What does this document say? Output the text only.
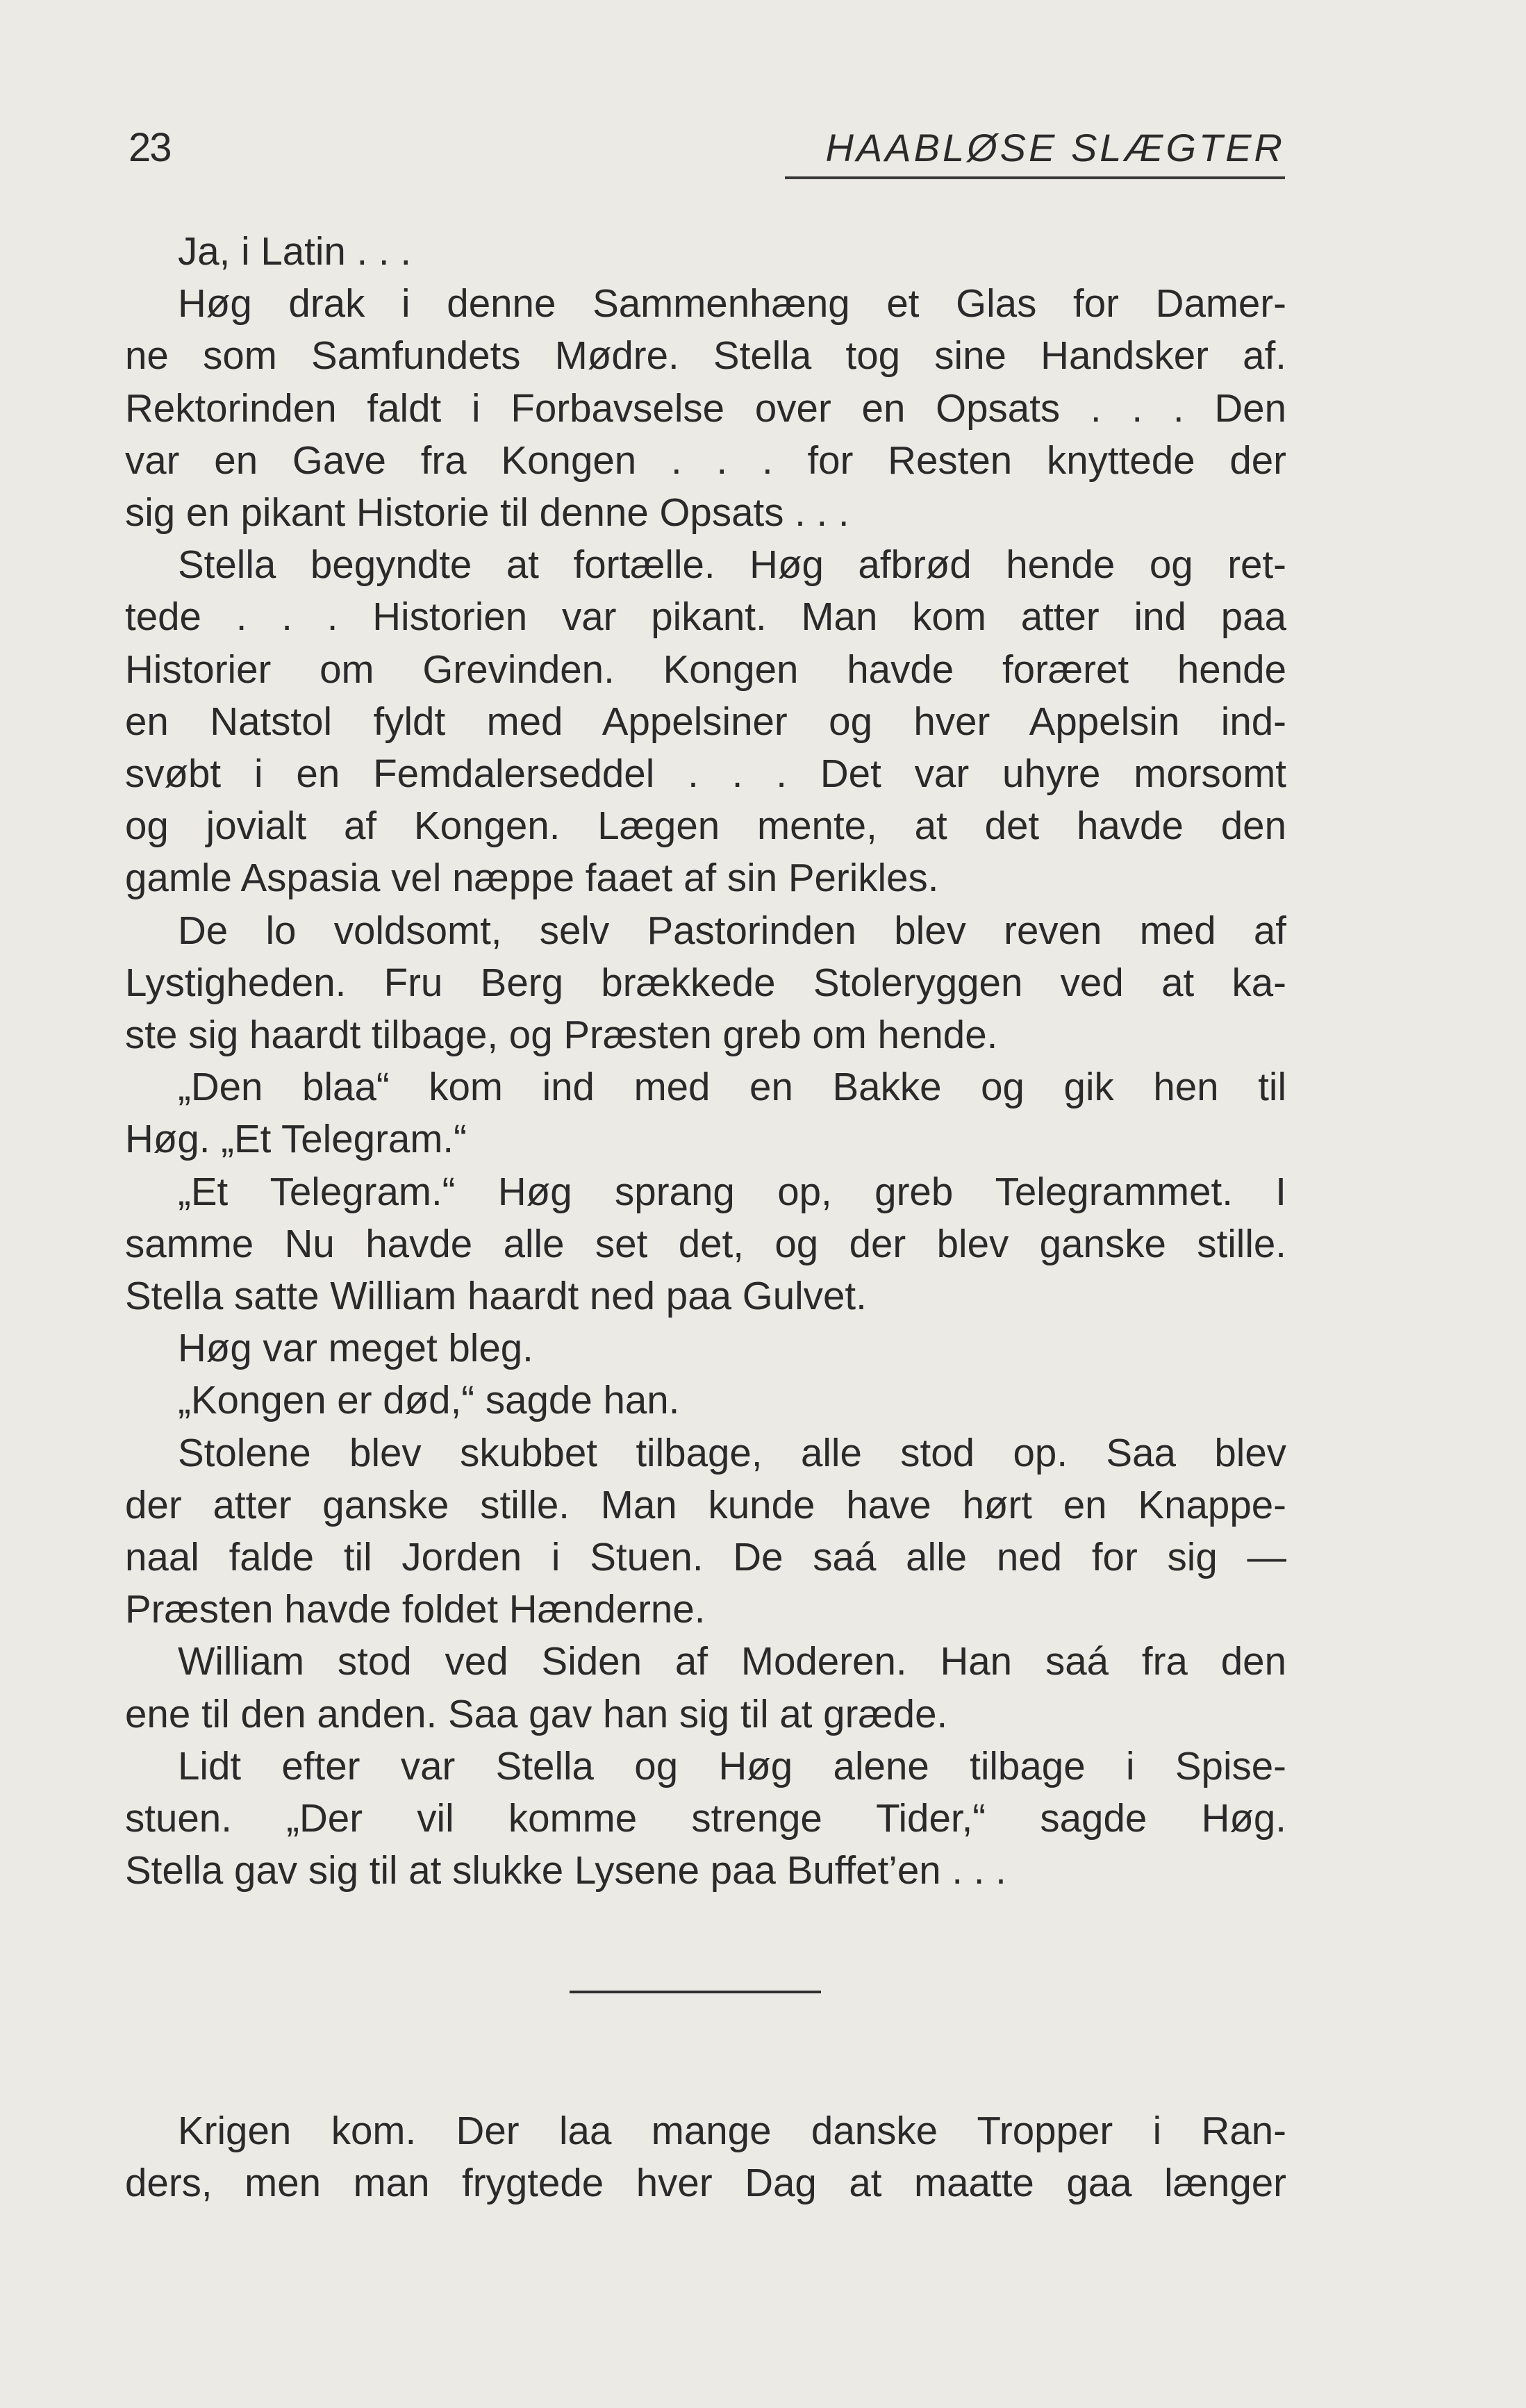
23	HAABLØSE SLÆGTER
Ja, i Latin . . .
Høg drak i denne Sammenhæng et Glas for Damer-
ne som Samfundets Mødre. Stella tog sine Handsker af.
Rektorinden faldt i Forbavselse over en Opsats . . . Den
var en Gave fra Kongen . . . for Resten knyttede der
sig en pikant Historie til denne Opsats . . .
Stella begyndte at fortælle. Høg afbrød hende og ret-
tede . . . Historien var pikant. Man kom atter ind paa
Historier om Grevinden. Kongen havde foræret hende
en Natstol fyldt med Appelsiner og hver Appelsin ind-
svøbt i en Femdalerseddel . . . Det var uhyre morsomt
og jovialt af Kongen. Lægen mente, at det havde den
gamle Aspasia vel næppe faaet af sin Perikles.
De lo voldsomt, selv Pastorinden blev reven med af
Lystigheden. Fru Berg brækkede Stoleryggen ved at ka-
ste sig haardt tilbage, og Præsten greb om hende.
„Den blaa“ kom ind med en Bakke og gik hen til
Høg. „Et Telegram.“
„Et Telegram.“ Høg sprang op, greb Telegrammet. I
samme Nu havde alle set det, og der blev ganske stille.
Stella satte William haardt ned paa Gulvet.
Høg var meget bleg.
„Kongen er død,“ sagde han.
Stolene blev skubbet tilbage, alle stod op. Saa blev
der atter ganske stille. Man kunde have hørt en Knappe-
naal falde til Jorden i Stuen. De saá alle ned for sig —
Præsten havde foldet Hænderne.
William stod ved Siden af Moderen. Han saá fra den
ene til den anden. Saa gav han sig til at græde.
Lidt efter var Stella og Høg alene tilbage i Spise-
stuen. „Der vil komme strenge Tider,“ sagde Høg.
Stella gav sig til at slukke Lysene paa Buffet’en . . .
Krigen kom. Der laa mange danske Tropper i Ran-
ders, men man frygtede hver Dag at maatte gaa længer
